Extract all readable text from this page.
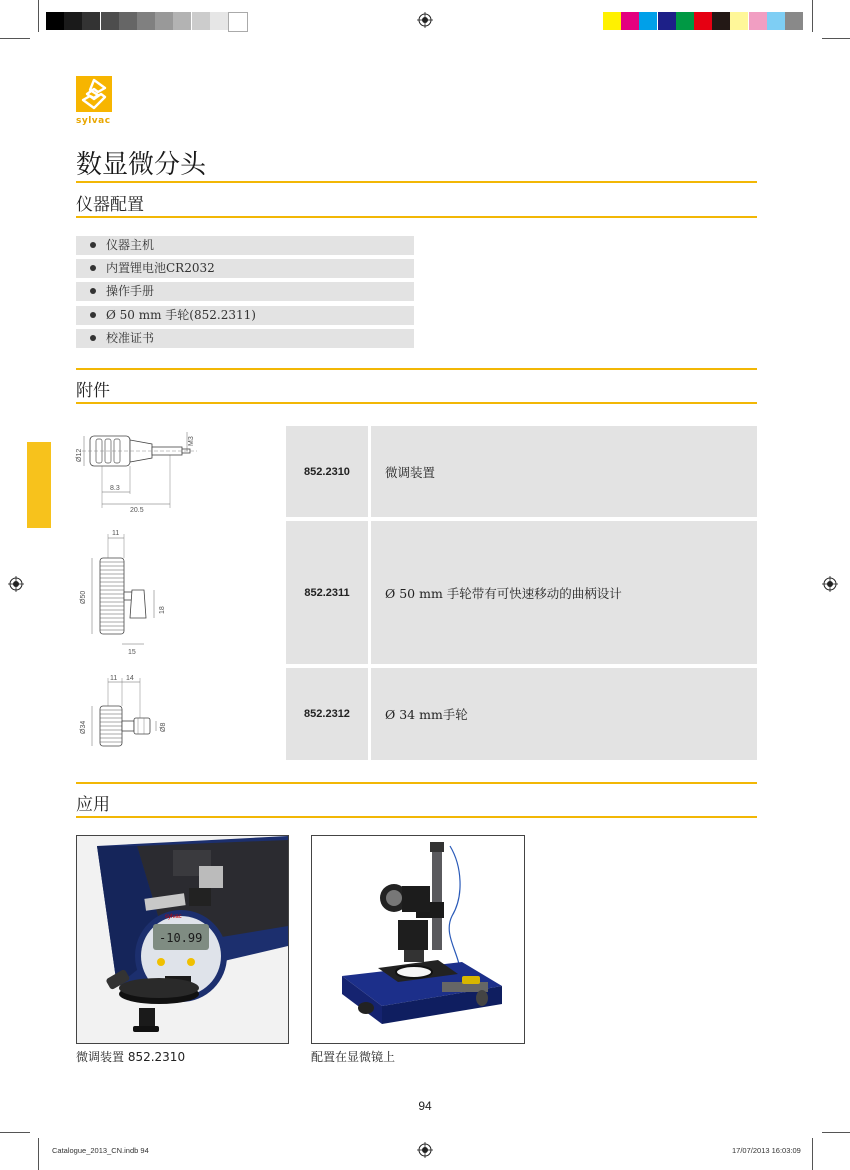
sylvac
数显微分头
仪器配置
仪器主机
内置锂电池CR2032
操作手册
Ø 50 mm 手轮(852.2311)
校准证书
附件
852.2310	微调装置
Ø12
M3
8.3
20.5
852.2311	Ø 50 mm 手轮带有可快速移动的曲柄设计
Ø50
11
18
15
852.2312	Ø 34 mm手轮
Ø34
11 14
Ø8
应用
sylvac
-10.99
微调装置 852.2310	配置在显微镜上
94
Catalogue_2013_CN.indb 94	17/07/2013 16:03:09
